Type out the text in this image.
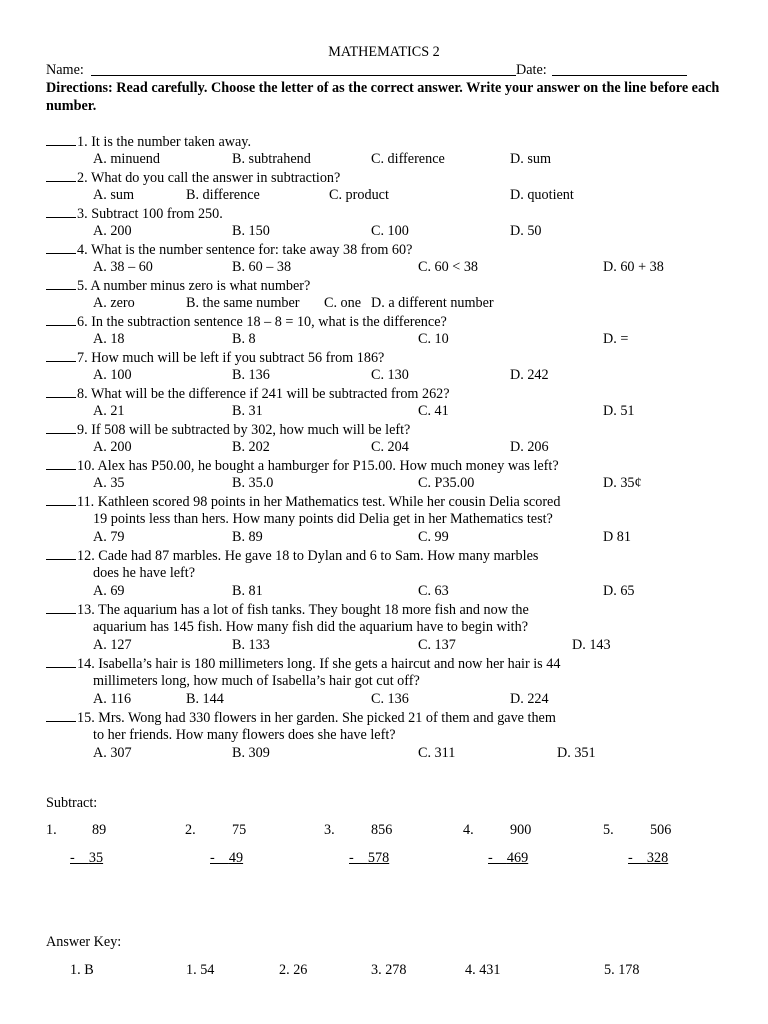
MATHEMATICS 2
Name:	Date:
Directions: Read carefully. Choose the letter of as the correct answer. Write your answer on the line before each number.
1. It is the number taken away.
A. minuend	B. subtrahend	C. difference	D. sum
2. What do you call the answer in subtraction?
A. sum	B. difference	C. product	D. quotient
3. Subtract 100 from 250.
A. 200	B. 150	C. 100	D. 50
4. What is the number sentence for: take away 38 from 60?
A. 38 – 60	B. 60 – 38	C. 60 < 38	D. 60 + 38
5. A number minus zero is what number?
A. zero	B. the same number C. one D. a different number
6. In the subtraction sentence 18 – 8 = 10, what is the difference?
A. 18	B. 8	C. 10	D. =
7. How much will be left if you subtract 56 from 186?
A. 100	B. 136	C. 130	D. 242
8. What will be the difference if 241 will be subtracted from 262?
A. 21	B. 31	C. 41	D. 51
9. If 508 will be subtracted by 302, how much will be left?
A. 200	B. 202	C. 204	D. 206
10. Alex has P50.00, he bought a hamburger for P15.00. How much money was left?
A. 35	B. 35.0	C. P35.00	D. 35¢
11. Kathleen scored 98 points in her Mathematics test. While her cousin Delia scored
19 points less than hers. How many points did Delia get in her Mathematics test?
A. 79	B. 89	C. 99	D 81
12. Cade had 87 marbles. He gave 18 to Dylan and 6 to Sam. How many marbles
does he have left?
A. 69	B. 81	C. 63	D. 65
13. The aquarium has a lot of fish tanks. They bought 18 more fish and now the
aquarium has 145 fish. How many fish did the aquarium have to begin with?
A. 127	B. 133	C. 137	D. 143
14. Isabella’s hair is 180 millimeters long. If she gets a haircut and now her hair is 44
millimeters long, how much of Isabella’s hair got cut off?
A. 116	B. 144	C. 136	D. 224
15. Mrs. Wong had 330 flowers in her garden. She picked 21 of them and gave them
to her friends. How many flowers does she have left?
A. 307	B. 309	C. 311	D. 351
Subtract:
1. 89
-    35
2.	75
-    49
3.	856
-    578
4.	900
-    469
5.	506
-    328
Answer Key:
1. B	1. 54	2. 26	3. 278	4. 431	5. 178
